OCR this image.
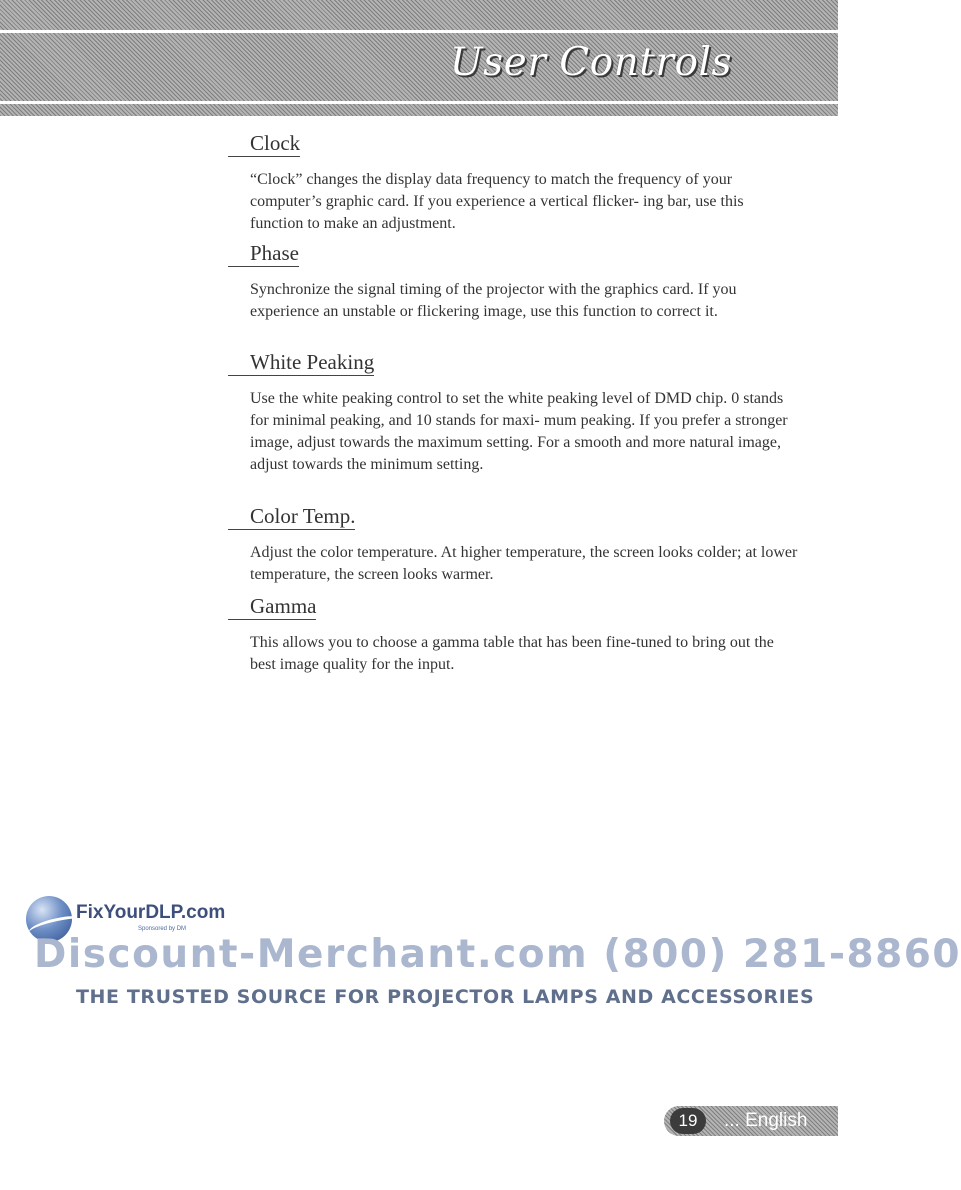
User Controls
Clock

“Clock” changes the display data frequency to match the frequency of your computer’s graphic card. If you experience a vertical flicker- ing bar, use this function to make an adjustment.

Phase

Synchronize the signal timing of the projector with the graphics card. If you experience an unstable or flickering image, use this function to correct it.

White Peaking

Use the white peaking control to set the white peaking level of DMD chip. 0 stands for minimal peaking, and 10 stands for maxi- mum peaking. If you prefer a stronger image, adjust towards the maximum setting. For a smooth and more natural image, adjust towards the minimum setting.

Color Temp.

Adjust the color temperature. At higher temperature, the screen looks colder; at lower temperature, the screen looks warmer.

Gamma

This allows you to choose a gamma table that has been fine-tuned to bring out the best image quality for the input.

FixYourDLP.com
Sponsored by DM

Discount-Merchant.com (800) 281-8860

THE TRUSTED SOURCE FOR PROJECTOR LAMPS AND ACCESSORIES

19	... English
